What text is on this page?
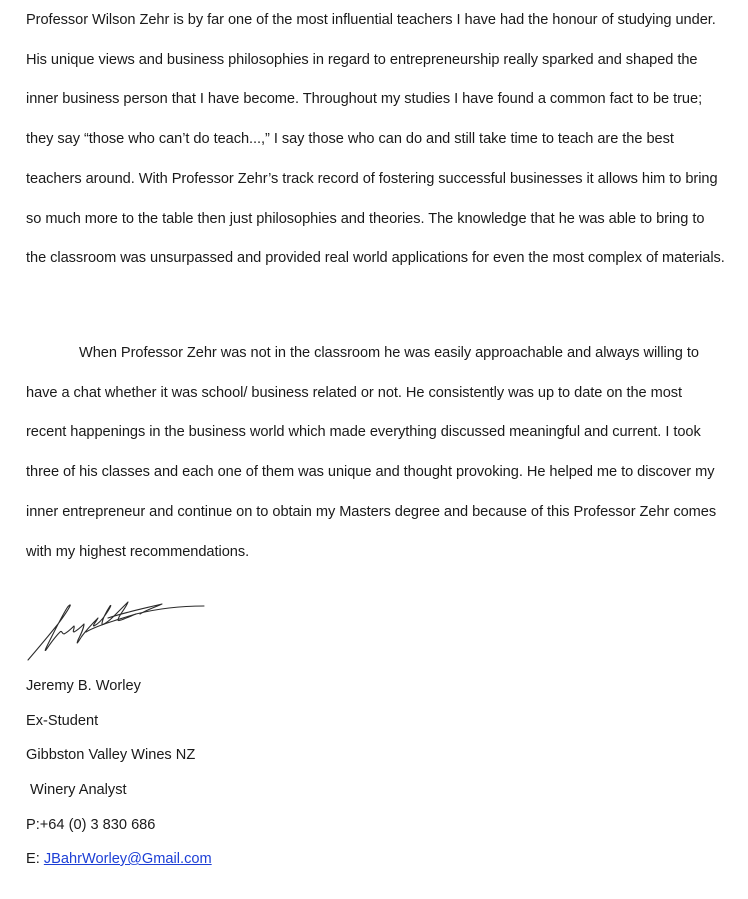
Professor Wilson Zehr is by far one of the most influential teachers I have had the honour of studying under. His unique views and business philosophies in regard to entrepreneurship really sparked and shaped the inner business person that I have become. Throughout my studies I have found a common fact to be true; they say “those who can’t do teach...,” I say those who can do and still take time to teach are the best teachers around. With Professor Zehr’s track record of fostering successful businesses it allows him to bring so much more to the table then just philosophies and theories. The knowledge that he was able to bring to the classroom was unsurpassed and provided real world applications for even the most complex of materials.

When Professor Zehr was not in the classroom he was easily approachable and always willing to have a chat whether it was school/ business related or not. He consistently was up to date on the most recent happenings in the business world which made everything discussed meaningful and current. I took three of his classes and each one of them was unique and thought provoking. He helped me to discover my inner entrepreneur and continue on to obtain my Masters degree and because of this Professor Zehr comes with my highest recommendations.

Jeremy B. Worley
Ex-Student
Gibbston Valley Wines NZ
Winery Analyst
P:+64 (0) 3 830 686
E: JBahrWorley@Gmail.com
